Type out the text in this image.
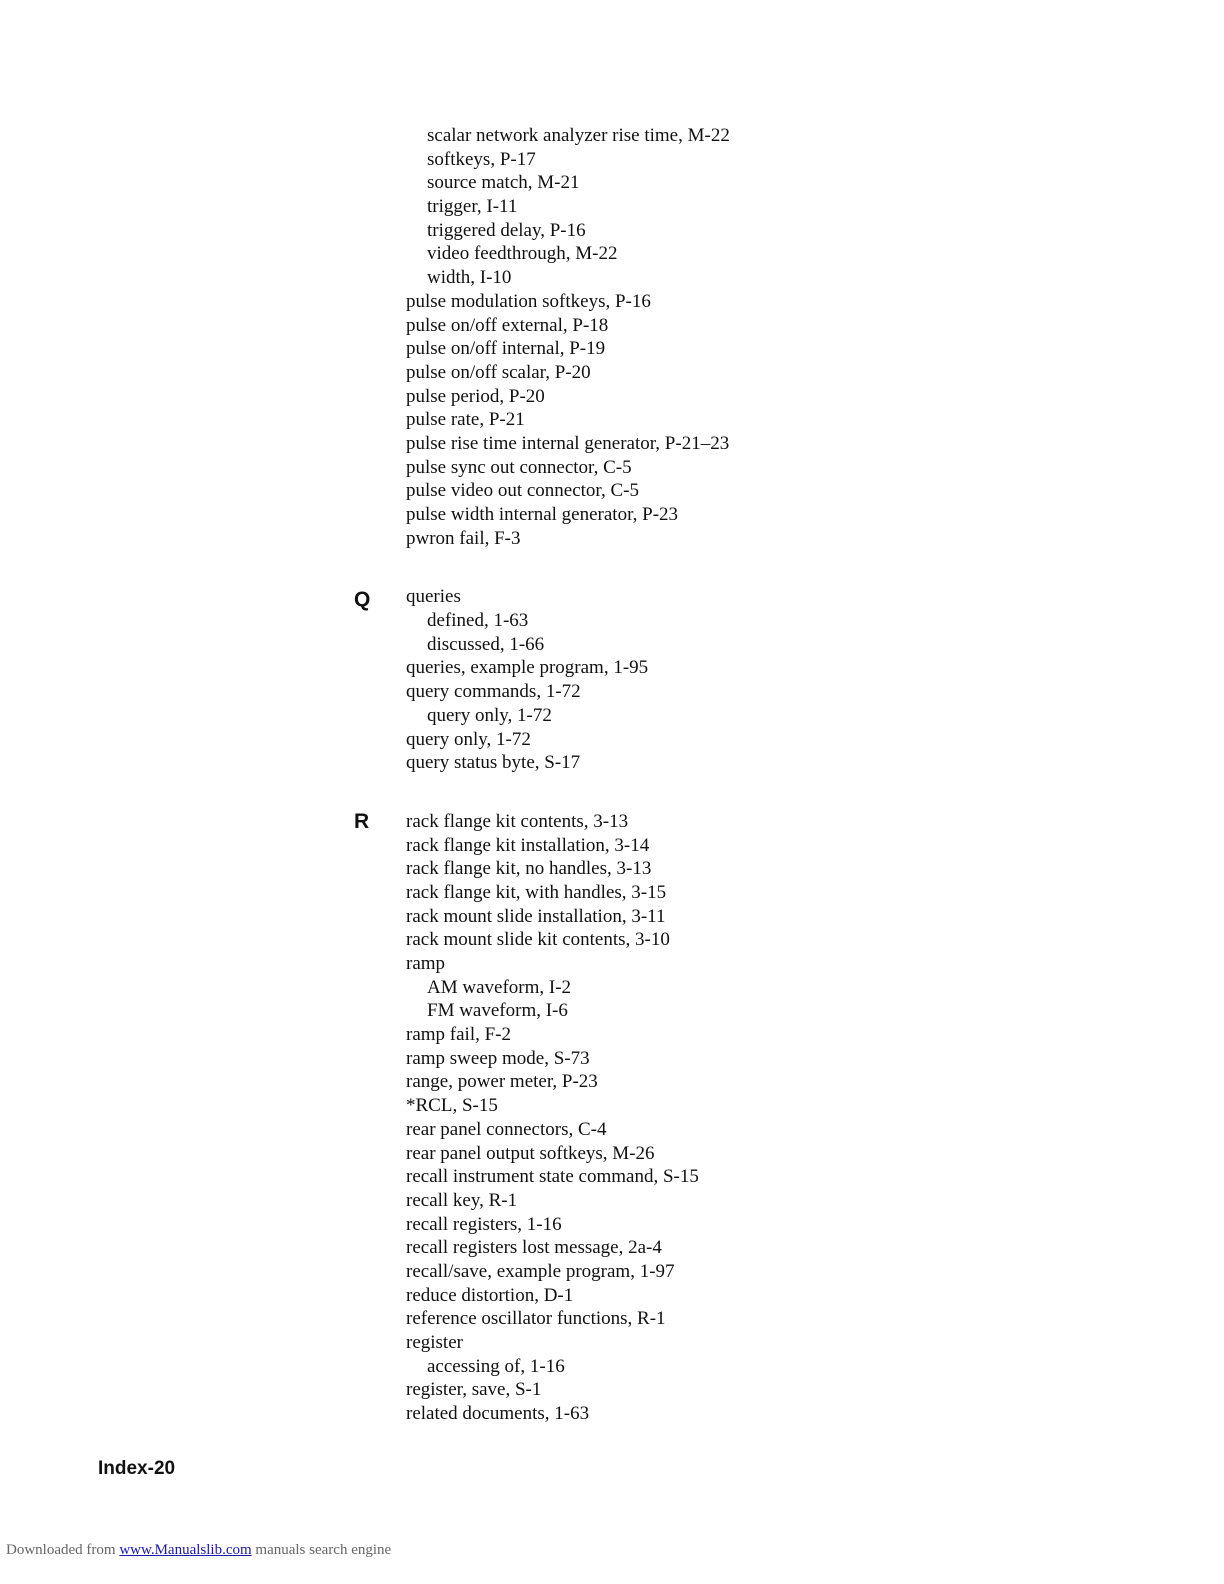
scalar network analyzer rise time, M-22
softkeys, P-17
source match, M-21
trigger, I-11
triggered delay, P-16
video feedthrough, M-22
width, I-10
pulse modulation softkeys, P-16
pulse on/off external, P-18
pulse on/off internal, P-19
pulse on/off scalar, P-20
pulse period, P-20
pulse rate, P-21
pulse rise time internal generator, P-21–23
pulse sync out connector, C-5
pulse video out connector, C-5
pulse width internal generator, P-23
pwron fail, F-3
queries
defined, 1-63
discussed, 1-66
queries, example program, 1-95
query commands, 1-72
query only, 1-72
query only, 1-72
query status byte, S-17
rack flange kit contents, 3-13
rack flange kit installation, 3-14
rack flange kit, no handles, 3-13
rack flange kit, with handles, 3-15
rack mount slide installation, 3-11
rack mount slide kit contents, 3-10
ramp
AM waveform, I-2
FM waveform, I-6
ramp fail, F-2
ramp sweep mode, S-73
range, power meter, P-23
*RCL, S-15
rear panel connectors, C-4
rear panel output softkeys, M-26
recall instrument state command, S-15
recall key, R-1
recall registers, 1-16
recall registers lost message, 2a-4
recall/save, example program, 1-97
reduce distortion, D-1
reference oscillator functions, R-1
register
accessing of, 1-16
register, save, S-1
related documents, 1-63
Q
R
Index-20
Downloaded from www.Manualslib.com manuals search engine
